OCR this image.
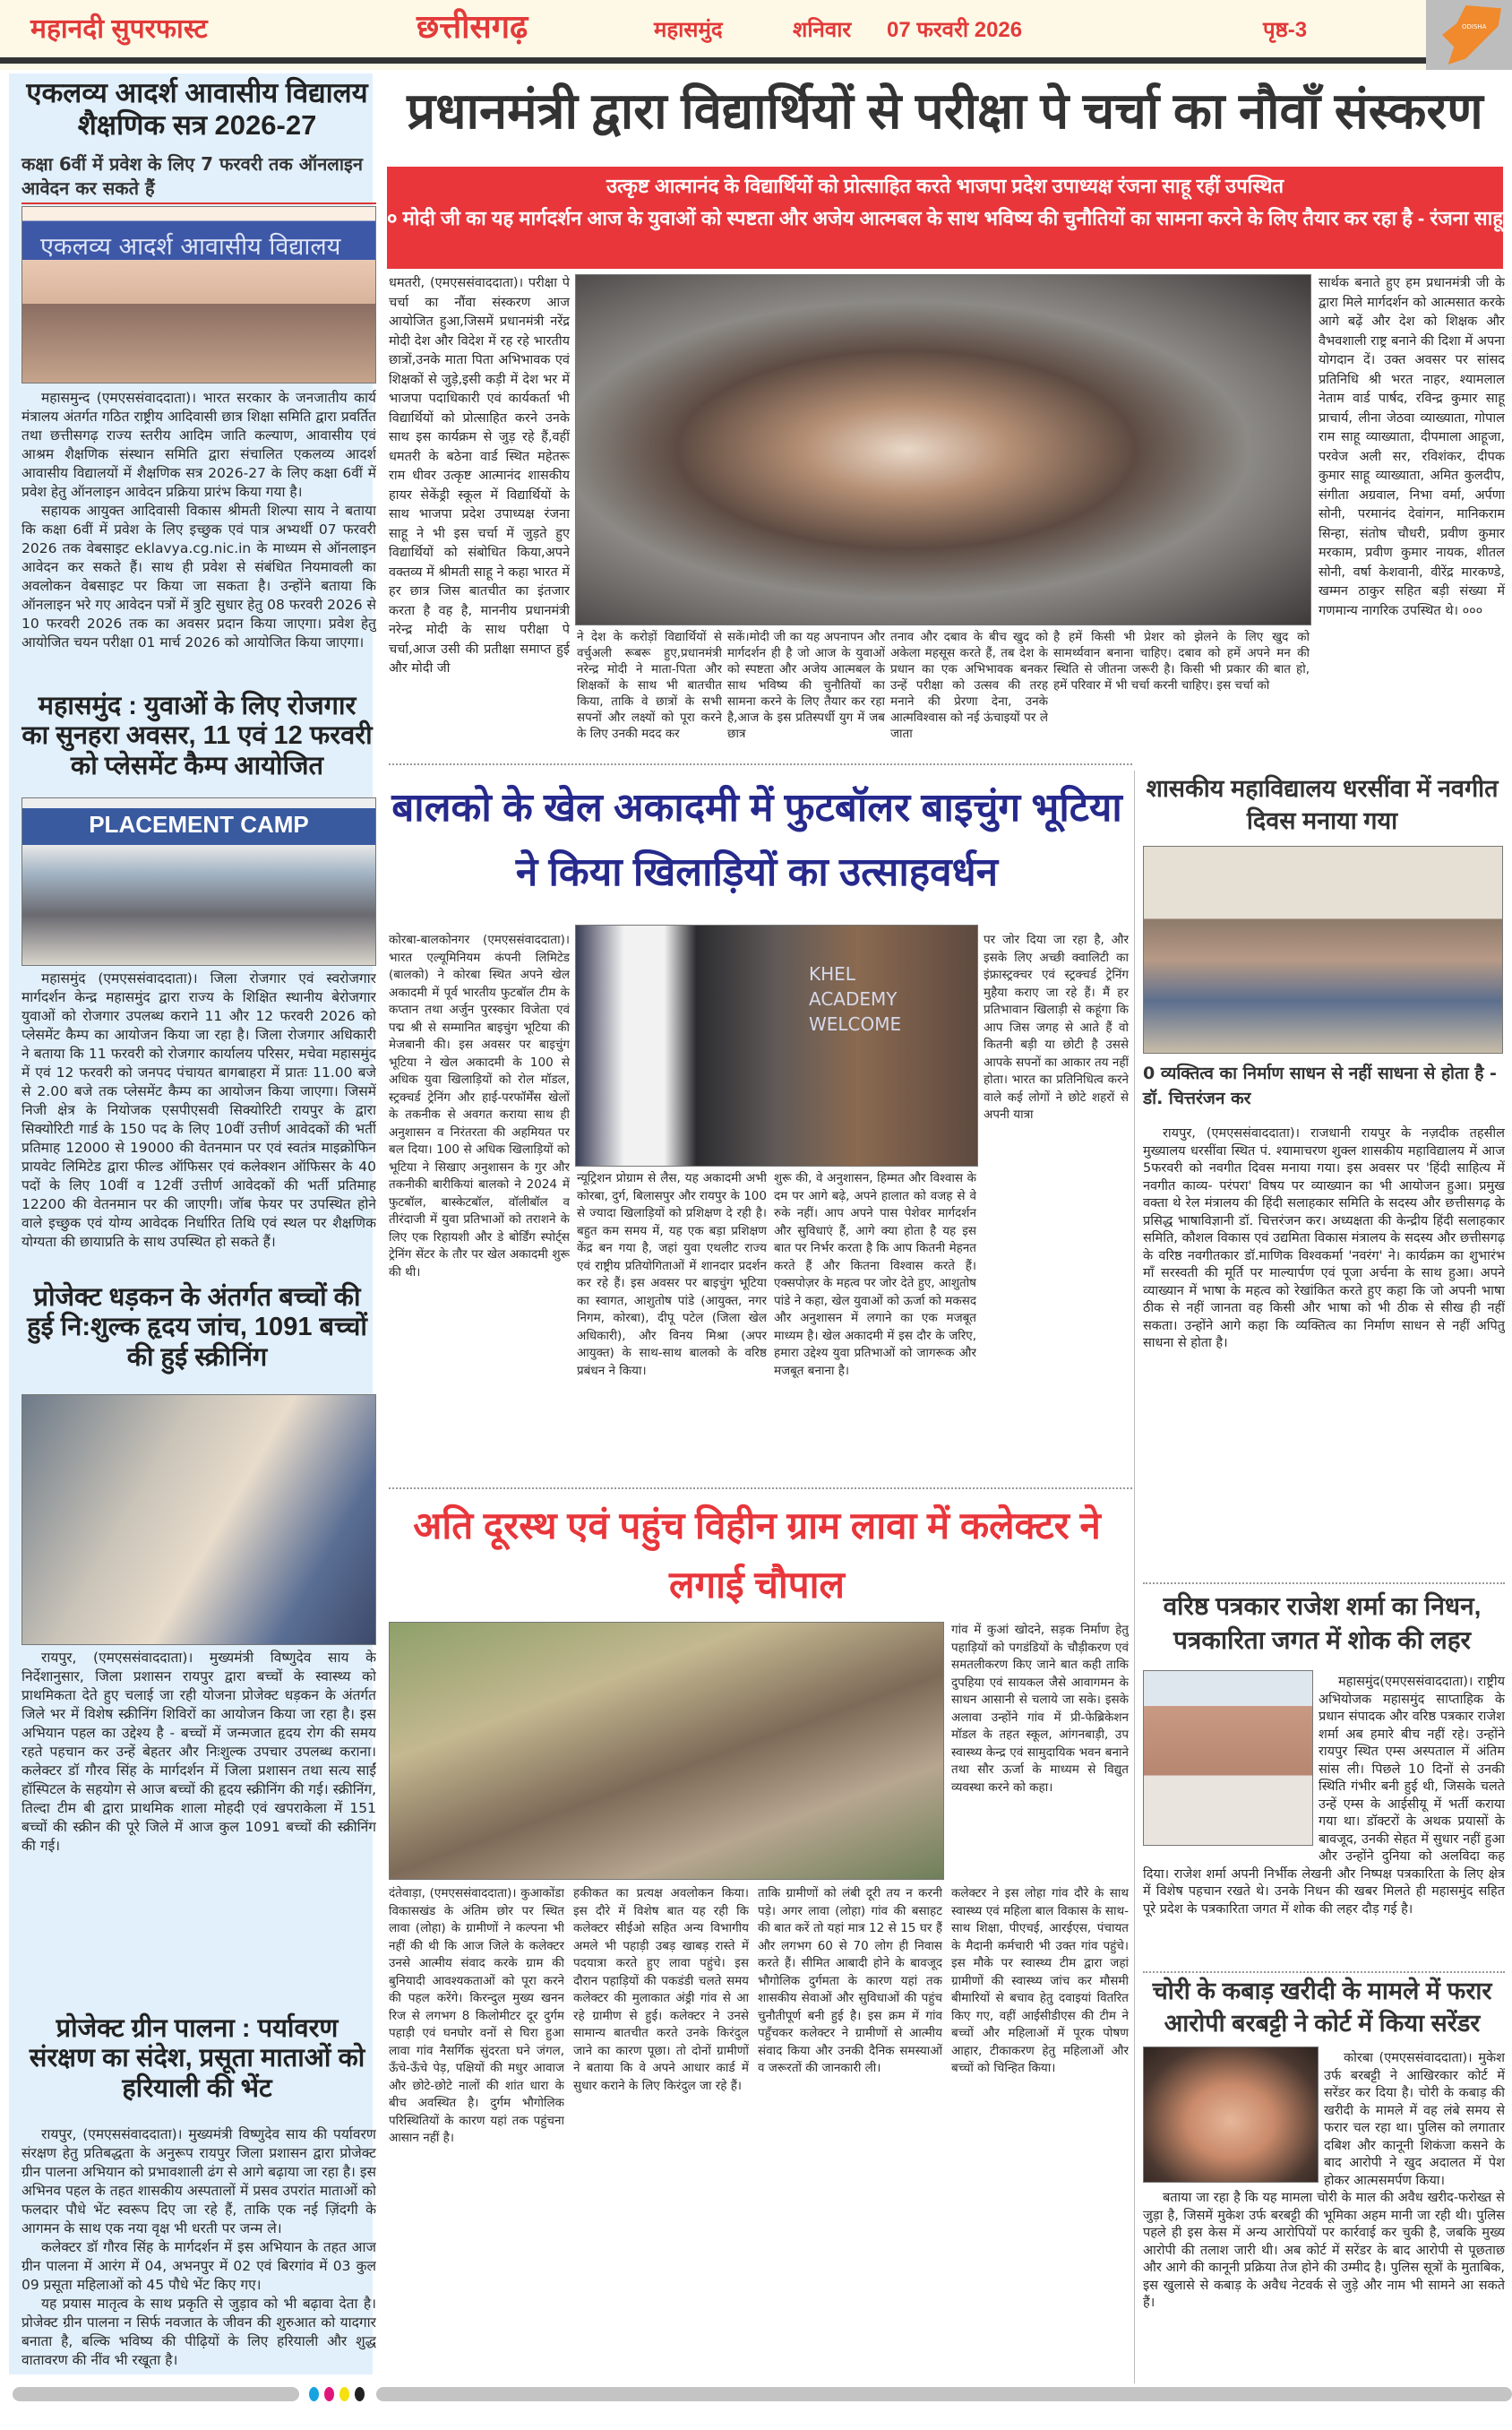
महानदी सुपरफास्ट	छत्तीसगढ़	महासमुंद	शनिवार 07 फरवरी 2026	पृष्ठ-3	ODISHA
एकलव्य आदर्श आवासीय विद्यालय शैक्षणिक सत्र 2026-27
कक्षा 6वीं में प्रवेश के लिए 7 फरवरी तक ऑनलाइन आवेदन कर सकते हैं
एकलव्य आदर्श आवासीय विद्यालय

महासमुन्द (एमएससंवाददाता)। भारत सरकार के जनजातीय कार्य मंत्रालय अंतर्गत गठित राष्ट्रीय आदिवासी छात्र शिक्षा समिति द्वारा प्रवर्तित तथा छत्तीसगढ़ राज्य स्तरीय आदिम जाति कल्याण, आवासीय एवं आश्रम शैक्षणिक संस्थान समिति द्वारा संचालित एकलव्य आदर्श आवासीय विद्यालयों में शैक्षणिक सत्र 2026-27 के लिए कक्षा 6वीं में प्रवेश हेतु ऑनलाइन आवेदन प्रक्रिया प्रारंभ किया गया है।

सहायक आयुक्त आदिवासी विकास श्रीमती शिल्पा साय ने बताया कि कक्षा 6वीं में प्रवेश के लिए इच्छुक एवं पात्र अभ्यर्थी 07 फरवरी 2026 तक वेबसाइट eklavya.cg.nic.in के माध्यम से ऑनलाइन आवेदन कर सकते हैं। साथ ही प्रवेश से संबंधित नियमावली का अवलोकन वेबसाइट पर किया जा सकता है। उन्होंने बताया कि ऑनलाइन भरे गए आवेदन पत्रों में त्रुटि सुधार हेतु 08 फरवरी 2026 से 10 फरवरी 2026 तक का अवसर प्रदान किया जाएगा। प्रवेश हेतु आयोजित चयन परीक्षा 01 मार्च 2026 को आयोजित किया जाएगा।

महासमुंद : युवाओं के लिए रोजगार का सुनहरा अवसर, 11 एवं 12 फरवरी को प्लेसमेंट कैम्प आयोजित
PLACEMENT CAMP

महासमुंद (एमएससंवाददाता)। जिला रोजगार एवं स्वरोजगार मार्गदर्शन केन्द्र महासमुंद द्वारा राज्य के शिक्षित स्थानीय बेरोजगार युवाओं को रोजगार उपलब्ध कराने 11 और 12 फरवरी 2026 को प्लेसमेंट कैम्प का आयोजन किया जा रहा है। जिला रोजगार अधिकारी ने बताया कि 11 फरवरी को रोजगार कार्यालय परिसर, मचेवा महासमुंद में एवं 12 फरवरी को जनपद पंचायत बागबाहरा में प्रातः 11.00 बजे से 2.00 बजे तक प्लेसमेंट कैम्प का आयोजन किया जाएगा। जिसमें निजी क्षेत्र के नियोजक एसपीएसवी सिक्योरिटी रायपुर के द्वारा सिक्योरिटी गार्ड के 150 पद के लिए 10वीं उत्तीर्ण आवेदकों की भर्ती प्रतिमाह 12000 से 19000 की वेतनमान पर एवं स्वतंत्र माइक्रोफिन प्रायवेट लिमिटेड द्वारा फील्ड ऑफिसर एवं कलेक्शन ऑफिसर के 40 पदों के लिए 10वीं व 12वीं उत्तीर्ण आवेदकों की भर्ती प्रतिमाह 12200 की वेतनमान पर की जाएगी। जॉब फेयर पर उपस्थित होने वाले इच्छुक एवं योग्य आवेदक निर्धारित तिथि एवं स्थल पर शैक्षणिक योग्यता की छायाप्रति के साथ उपस्थित हो सकते हैं।

प्रोजेक्ट धड़कन के अंतर्गत बच्चों की हुई नि:शुल्क हृदय जांच, 1091 बच्चों की हुई स्क्रीनिंग

रायपुर, (एमएससंवाददाता)। मुख्यमंत्री विष्णुदेव साय के निर्देशानुसार, जिला प्रशासन रायपुर द्वारा बच्चों के स्वास्थ्य को प्राथमिकता देते हुए चलाई जा रही योजना प्रोजेक्ट धड़कन के अंतर्गत जिले भर में विशेष स्क्रीनिंग शिविरों का आयोजन किया जा रहा है। इस अभियान पहल का उद्देश्य है - बच्चों में जन्मजात हृदय रोग की समय रहते पहचान कर उन्हें बेहतर और निःशुल्क उपचार उपलब्ध कराना। कलेक्टर डॉ गौरव सिंह के मार्गदर्शन में जिला प्रशासन तथा सत्य साईं हॉस्पिटल के सहयोग से आज बच्चों की हृदय स्क्रीनिंग की गई। स्क्रीनिंग, तिल्दा टीम बी द्वारा प्राथमिक शाला मोहदी एवं खपराकेला में 151 बच्चों की स्क्रीन की पूरे जिले में आज कुल 1091 बच्चों की स्क्रीनिंग की गई।

प्रोजेक्ट ग्रीन पालना : पर्यावरण संरक्षण का संदेश, प्रसूता माताओं को हरियाली की भेंट

रायपुर, (एमएससंवाददाता)। मुख्यमंत्री विष्णुदेव साय की पर्यावरण संरक्षण हेतु प्रतिबद्धता के अनुरूप रायपुर जिला प्रशासन द्वारा प्रोजेक्ट ग्रीन पालना अभियान को प्रभावशाली ढंग से आगे बढ़ाया जा रहा है। इस अभिनव पहल के तहत शासकीय अस्पतालों में प्रसव उपरांत माताओं को फलदार पौधे भेंट स्वरूप दिए जा रहे हैं, ताकि एक नई ज़िंदगी के आगमन के साथ एक नया वृक्ष भी धरती पर जन्म ले।

कलेक्टर डॉ गौरव सिंह के मार्गदर्शन में इस अभियान के तहत आज ग्रीन पालना में आरंग में 04, अभनपुर में 02 एवं बिरगांव में 03 कुल 09 प्रसूता महिलाओं को 45 पौधे भेंट किए गए।

यह प्रयास मातृत्व के साथ प्रकृति से जुड़ाव को भी बढ़ावा देता है। प्रोजेक्ट ग्रीन पालना न सिर्फ नवजात के जीवन की शुरुआत को यादगार बनाता है, बल्कि भविष्य की पीढ़ियों के लिए हरियाली और शुद्ध वातावरण की नींव भी रखूता है।

प्रधानमंत्री द्वारा विद्यार्थियों से परीक्षा पे चर्चा का नौवाँ संस्करण
उत्कृष्ट आत्मानंद के विद्यार्थियों को प्रोत्साहित करते भाजपा प्रदेश उपाध्यक्ष रंजना साहू रहीं उपस्थित
० मोदी जी का यह मार्गदर्शन आज के युवाओं को स्पष्टता और अजेय आत्मबल के साथ भविष्य की चुनौतियों का सामना करने के लिए तैयार कर रहा है - रंजना साहू
धमतरी, (एमएससंवाददाता)। परीक्षा पे चर्चा का नौंवा संस्करण आज आयोजित हुआ,जिसमें प्रधानमंत्री नरेंद्र मोदी देश और विदेश में रह रहे भारतीय छात्रों,उनके माता पिता अभिभावक एवं शिक्षकों से जुड़े,इसी कड़ी में देश भर में भाजपा पदाधिकारी एवं कार्यकर्ता भी विद्यार्थियों को प्रोत्साहित करने उनके साथ इस कार्यक्रम से जुड़ रहे हैं,वहीं धमतरी के बठेना वार्ड स्थित महेतरू राम धीवर उत्कृष्ट आत्मानंद शासकीय हायर सेकेंड्री स्कूल में विद्यार्थियों के साथ भाजपा प्रदेश उपाध्यक्ष रंजना साहू ने भी इस चर्चा में जुड़ते हुए विद्यार्थियों को संबोधित किया,अपने वक्तव्य में श्रीमती साहू ने कहा भारत में हर छात्र जिस बातचीत का इंतजार करता है वह है, माननीय प्रधानमंत्री नरेन्द्र मोदी के साथ परीक्षा पे चर्चा,आज उसी की प्रतीक्षा समाप्त हुई और मोदी जी
ने देश के करोड़ों विद्यार्थियों से वर्चुअली रूबरू हुए,प्रधानमंत्री नरेन्द्र मोदी ने माता-पिता और शिक्षकों के साथ भी बातचीत किया, ताकि वे छात्रों के सभी सपनों और लक्ष्यों को पूरा करने के लिए उनकी मदद कर
सकें।मोदी जी का यह अपनापन और मार्गदर्शन ही है जो आज के युवाओं को स्पष्टता और अजेय आत्मबल के साथ भविष्य की चुनौतियों का सामना करने के लिए तैयार कर रहा है,आज के इस प्रतिस्पर्धी युग में जब छात्र
तनाव और दबाव के बीच खुद को अकेला महसूस करते हैं, तब देश के प्रधान का एक अभिभावक बनकर उन्हें परीक्षा को उत्सव की तरह मनाने की प्रेरणा देना, उनके आत्मविश्वास को नई ऊंचाइयों पर ले जाता
है हमें किसी भी प्रेशर को झेलने के लिए खुद को सामर्थ्यवान बनाना चाहिए। दबाव को हमें अपने मन की स्थिति से जीतना जरूरी है। किसी भी प्रकार की बात हो, हमें परिवार में भी चर्चा करनी चाहिए। इस चर्चा को
सार्थक बनाते हुए हम प्रधानमंत्री जी के द्वारा मिले मार्गदर्शन को आत्मसात करके आगे बढ़ें और देश को शिक्षक और वैभवशाली राष्ट्र बनाने की दिशा में अपना योगदान दें। उक्त अवसर पर सांसद प्रतिनिधि श्री भरत नाहर, श्यामलाल नेताम वार्ड पार्षद, रविन्द्र कुमार साहू प्राचार्य, लीना जेठवा व्याख्याता, गोपाल राम साहू व्याख्याता, दीपमाला आहूजा, परवेज अली सर, रविशंकर, दीपक कुमार साहू व्याख्याता, अमित कुलदीप, संगीता अग्रवाल, निभा वर्मा, अर्पणा सोनी, परमानंद देवांगन, मानिकराम सिन्हा, संतोष चौधरी, प्रवीण कुमार मरकाम, प्रवीण कुमार नायक, शीतल सोनी, वर्षा केशवानी, वीरेंद्र मारकण्डे, खम्मन ठाकुर सहित बड़ी संख्या में गणमान्य नागरिक उपस्थित थे। ०००
बालको के खेल अकादमी में फुटबॉलर बाइचुंग भूटिया ने किया खिलाड़ियों का उत्साहवर्धन
कोरबा-बालकोनगर (एमएससंवाददाता)। भारत एल्यूमिनियम कंपनी लिमिटेड (बालको) ने कोरबा स्थित अपने खेल अकादमी में पूर्व भारतीय फुटबॉल टीम के कप्तान तथा अर्जुन पुरस्कार विजेता एवं पद्म श्री से सम्मानित बाइचुंग भूटिया की मेजबानी की। इस अवसर पर बाइचुंग भूटिया ने खेल अकादमी के 100 से अधिक युवा खिलाड़ियों को रोल मॉडल, स्ट्रक्चर्ड ट्रेनिंग और हाई-परफॉर्मेंस खेलों के तकनीक से अवगत कराया साथ ही अनुशासन व निरंतरता की अहमियत पर बल दिया। 100 से अधिक खिलाड़ियों को भूटिया ने सिखाए अनुशासन के गुर और तकनीकी बारीकियां बालको ने 2024 में फुटबॉल, बास्केटबॉल, वॉलीबॉल व तीरंदाजी में युवा प्रतिभाओं को तराशने के लिए एक रिहायशी और डे बोर्डिंग स्पोर्ट्स ट्रेनिंग सेंटर के तौर पर खेल अकादमी शुरू की थी।
KHEL ACADEMY WELCOME
न्यूट्रिशन प्रोग्राम से लैस, यह अकादमी अभी कोरबा, दुर्ग, बिलासपुर और रायपुर के 100 से ज्यादा खिलाड़ियों को प्रशिक्षण दे रही है। बहुत कम समय में, यह एक बड़ा प्रशिक्षण केंद्र बन गया है, जहां युवा एथलीट राज्य एवं राष्ट्रीय प्रतियोगिताओं में शानदार प्रदर्शन कर रहे हैं। इस अवसर पर बाइचुंग भूटिया का स्वागत, आशुतोष पांडे (आयुक्त, नगर निगम, कोरबा), दीपू पटेल (जिला खेल अधिकारी), और विनय मिश्रा (अपर आयुक्त) के साथ-साथ बालको के वरिष्ठ प्रबंधन ने किया।
शुरू की, वे अनुशासन, हिम्मत और विश्वास के दम पर आगे बढ़े, अपने हालात को वजह से वे रुके नहीं। आप अपने पास पेशेवर मार्गदर्शन और सुविधाएं हैं, आगे क्या होता है यह इस बात पर निर्भर करता है कि आप कितनी मेहनत करते हैं और कितना विश्वास करते हैं। एक्सपोज़र के महत्व पर जोर देते हुए, आशुतोष पांडे ने कहा, खेल युवाओं को ऊर्जा को मकसद और अनुशासन में लगाने का एक मजबूत माध्यम है। खेल अकादमी में इस दौर के जरिए, हमारा उद्देश्य युवा प्रतिभाओं को जागरूक और मजबूत बनाना है।
पर जोर दिया जा रहा है, और इसके लिए अच्छी क्वालिटी का इंफ्रास्ट्रक्चर एवं स्ट्रक्चर्ड ट्रेनिंग मुहैया कराए जा रहे हैं। मैं हर प्रतिभावान खिलाड़ी से कहूंगा कि आप जिस जगह से आते हैं वो कितनी बड़ी या छोटी है उससे आपके सपनों का आकार तय नहीं होता। भारत का प्रतिनिधित्व करने वाले कई लोगों ने छोटे शहरों से अपनी यात्रा
शासकीय महाविद्यालय धरसींवा में नवगीत दिवस मनाया गया
0 व्यक्तित्व का निर्माण साधन से नहीं साधना से होता है - डॉ. चित्तरंजन कर

रायपुर, (एमएससंवाददाता)। राजधानी रायपुर के नज़दीक तहसील मुख्यालय धरसींवा स्थित पं. श्यामाचरण शुक्ल शासकीय महाविद्यालय में आज 5फरवरी को नवगीत दिवस मनाया गया। इस अवसर पर 'हिंदी साहित्य में नवगीत काव्य- परंपरा' विषय पर व्याख्यान का भी आयोजन हुआ। प्रमुख वक्ता थे रेल मंत्रालय की हिंदी सलाहकार समिति के सदस्य और छत्तीसगढ़ के प्रसिद्ध भाषाविज्ञानी डॉ. चित्तरंजन कर। अध्यक्षता की केन्द्रीय हिंदी सलाहकार समिति, कौशल विकास एवं उद्यमिता विकास मंत्रालय के सदस्य और छत्तीसगढ़ के वरिष्ठ नवगीतकार डॉ.माणिक विश्वकर्मा 'नवरंग' ने। कार्यक्रम का शुभारंभ माँ सरस्वती की मूर्ति पर माल्यार्पण एवं पूजा अर्चना के साथ हुआ। अपने व्याख्यान में भाषा के महत्व को रेखांकित करते हुए कहा कि जो अपनी भाषा ठीक से नहीं जानता वह किसी और भाषा को भी ठीक से सीख ही नहीं सकता। उन्होंने आगे कहा कि व्यक्तित्व का निर्माण साधन से नहीं अपितु साधना से होता है।

अति दूरस्थ एवं पहुंच विहीन ग्राम लावा में कलेक्टर ने लगाई चौपाल
गांव में कुआं खोदने, सड़क निर्माण हेतु पहाड़ियों को पगडंडियों के चौड़ीकरण एवं समतलीकरण किए जाने बात कही ताकि दुपहिया एवं सायकल जैसे आवागमन के साधन आसानी से चलाये जा सके। इसके अलावा उन्होंने गांव में प्री-फेब्रिकेशन मॉडल के तहत स्कूल, आंगनबाड़ी, उप स्वास्थ्य केन्द्र एवं सामुदायिक भवन बनाने तथा सौर ऊर्जा के माध्यम से विद्युत व्यवस्था करने को कहा।
दंतेवाड़ा, (एमएससंवाददाता)। कुआकोंडा विकासखंड के अंतिम छोर पर स्थित लावा (लोहा) के ग्रामीणों ने कल्पना भी नहीं की थी कि आज जिले के कलेक्टर उनसे आत्मीय संवाद करके ग्राम की बुनियादी आवश्यकताओं को पूरा करने की पहल करेंगे। किरन्दुल मुख्य खनन रिज से लगभग 8 किलोमीटर दूर दुर्गम पहाड़ी एवं घनघोर वनों से घिरा हुआ लावा गांव नैसर्गिक सुंदरता घने जंगल, ऊँचे-ऊँचे पेड़, पक्षियों की मधुर आवाज और छोटे-छोटे नालों की शांत धारा के बीच अवस्थित है। दुर्गम भौगोलिक परिस्थितियों के कारण यहां तक पहुंचना आसान नहीं है।
हकीकत का प्रत्यक्ष अवलोकन किया। इस दौरे में विशेष बात यह रही कि कलेक्टर सीईओ सहित अन्य विभागीय अमले भी पहाड़ी उबड़ खाबड़ रास्ते में पदयात्रा करते हुए लावा पहुंचे। इस दौरान पहाड़ियों की पकडंडी चलते समय कलेक्टर की मुलाकात अंड्री गांव से आ रहे ग्रामीण से हुई। कलेक्टर ने उनसे सामान्य बातचीत करते उनके किरंदुल जाने का कारण पूछा। तो दोनों ग्रामीणों ने बताया कि वे अपने आधार कार्ड में सुधार कराने के लिए किरंदुल जा रहे हैं।
ताकि ग्रामीणों को लंबी दूरी तय न करनी पड़े। अगर लावा (लोहा) गांव की बसाहट की बात करें तो यहां मात्र 12 से 15 घर हैं और लगभग 60 से 70 लोग ही निवास करते हैं। सीमित आबादी होने के बावजूद भौगोलिक दुर्गमता के कारण यहां तक शासकीय सेवाओं और सुविधाओं की पहुंच चुनौतीपूर्ण बनी हुई है। इस क्रम में गांव पहुँचकर कलेक्टर ने ग्रामीणों से आत्मीय संवाद किया और उनकी दैनिक समस्याओं व जरूरतों की जानकारी ली।
कलेक्टर ने इस लोहा गांव दौरे के साथ स्वास्थ्य एवं महिला बाल विकास के साथ-साथ शिक्षा, पीएचई, आरईएस, पंचायत के मैदानी कर्मचारी भी उक्त गांव पहुंचे। इस मौके पर स्वास्थ्य टीम द्वारा जहां ग्रामीणों की स्वास्थ्य जांच कर मौसमी बीमारियों से बचाव हेतु दवाइयां वितरित किए गए, वहीं आईसीडीएस की टीम ने बच्चों और महिलाओं में पूरक पोषण आहार, टीकाकरण हेतु महिलाओं और बच्चों को चिन्हित किया।
वरिष्ठ पत्रकार राजेश शर्मा का निधन, पत्रकारिता जगत में शोक की लहर

महासमुंद(एमएससंवाददाता)। राष्ट्रीय अभियोजक महासमुंद साप्ताहिक के प्रधान संपादक और वरिष्ठ पत्रकार राजेश शर्मा अब हमारे बीच नहीं रहे। उन्होंने रायपुर स्थित एम्स अस्पताल में अंतिम सांस ली। पिछले 10 दिनों से उनकी स्थिति गंभीर बनी हुई थी, जिसके चलते उन्हें एम्स के आईसीयू में भर्ती कराया गया था। डॉक्टरों के अथक प्रयासों के बावजूद, उनकी सेहत में सुधार नहीं हुआ और उन्होंने दुनिया को अलविदा कह दिया। राजेश शर्मा अपनी निर्भीक लेखनी और निष्पक्ष पत्रकारिता के लिए क्षेत्र में विशेष पहचान रखते थे। उनके निधन की खबर मिलते ही महासमुंद सहित पूरे प्रदेश के पत्रकारिता जगत में शोक की लहर दौड़ गई है।

चोरी के कबाड़ खरीदी के मामले में फरार आरोपी बरबट्टी ने कोर्ट में किया सरेंडर

कोरबा (एमएससंवाददाता)। मुकेश उर्फ बरबट्टी ने आखिरकार कोर्ट में सरेंडर कर दिया है। चोरी के कबाड़ की खरीदी के मामले में वह लंबे समय से फरार चल रहा था। पुलिस को लगातार दबिश और कानूनी शिकंजा कसने के बाद आरोपी ने खुद अदालत में पेश होकर आत्मसमर्पण किया।

बताया जा रहा है कि यह मामला चोरी के माल की अवैध खरीद-फरोख्त से जुड़ा है, जिसमें मुकेश उर्फ बरबट्टी की भूमिका अहम मानी जा रही थी। पुलिस पहले ही इस केस में अन्य आरोपियों पर कार्रवाई कर चुकी है, जबकि मुख्य आरोपी की तलाश जारी थी। अब कोर्ट में सरेंडर के बाद आरोपी से पूछताछ और आगे की कानूनी प्रक्रिया तेज होने की उम्मीद है। पुलिस सूत्रों के मुताबिक, इस खुलासे से कबाड़ के अवैध नेटवर्क से जुड़े और नाम भी सामने आ सकते हैं।
